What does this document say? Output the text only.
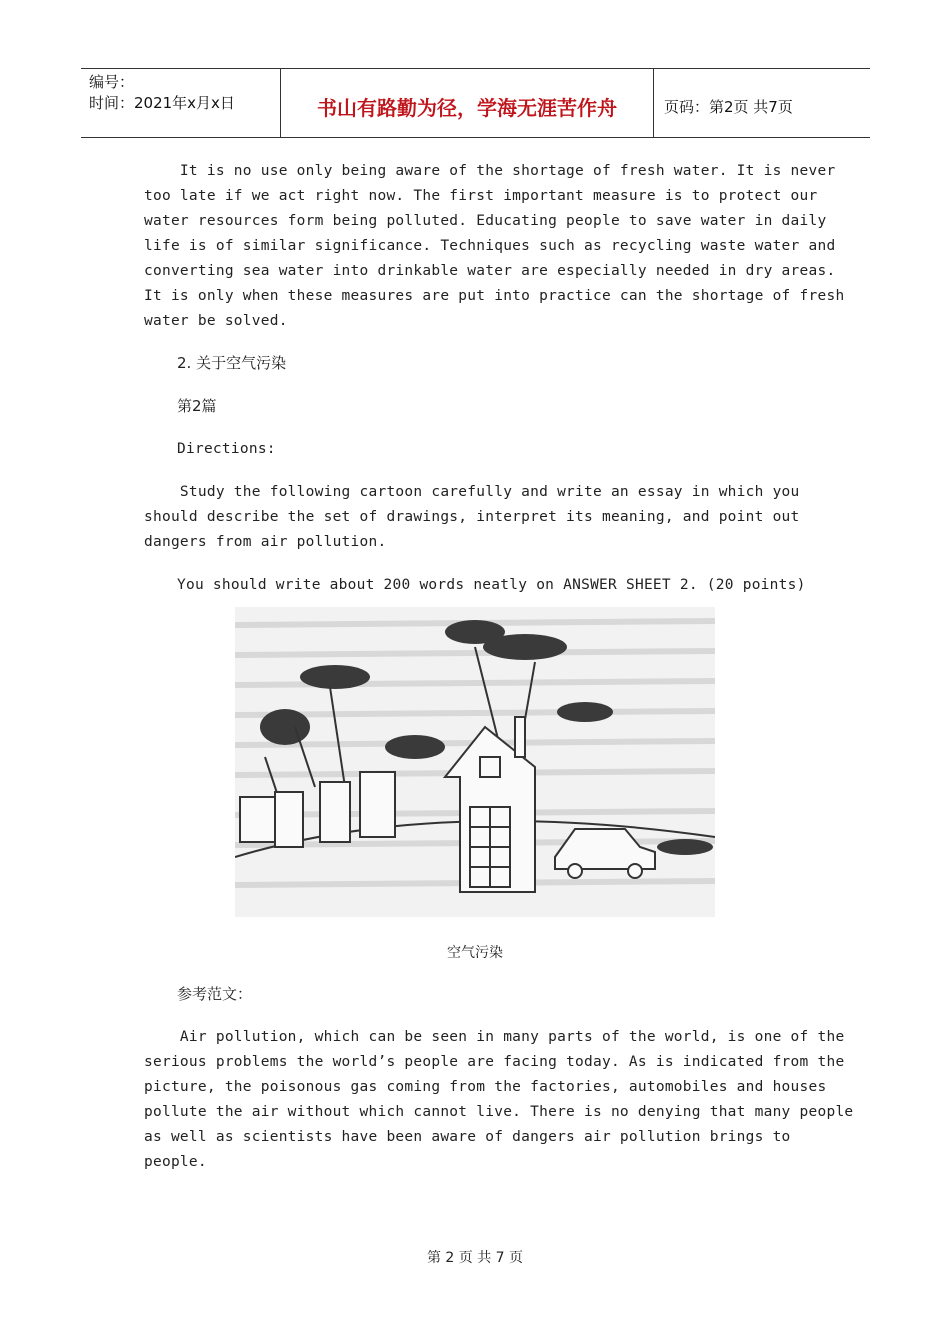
编号：
时间：2021年x月x日	书山有路勤为径，学海无涯苦作舟	页码：第2页 共7页
It is no use only being aware of the shortage of fresh water. It is never
too late if we act right now. The first important measure is to protect our
water resources form being polluted. Educating people to save water in daily
life is of similar significance. Techniques such as recycling waste water and
converting sea water into drinkable water are especially needed in dry areas.
It is only when these measures are put into practice can the shortage of fresh
water be solved.
2. 关于空气污染
第2篇
Directions:
Study the following cartoon carefully and write an essay in which you
should describe the set of drawings, interpret its meaning, and point out
dangers from air pollution.
You should write about 200 words neatly on ANSWER SHEET 2. (20 points)
空气污染
参考范文：
Air pollution, which can be seen in many parts of the world, is one of the
serious problems the world’s people are facing today. As is indicated from the
picture, the poisonous gas coming from the factories, automobiles and houses
pollute the air without which cannot live. There is no denying that many people
as well as scientists have been aware of dangers air pollution brings to
people.
第 2 页 共 7 页
